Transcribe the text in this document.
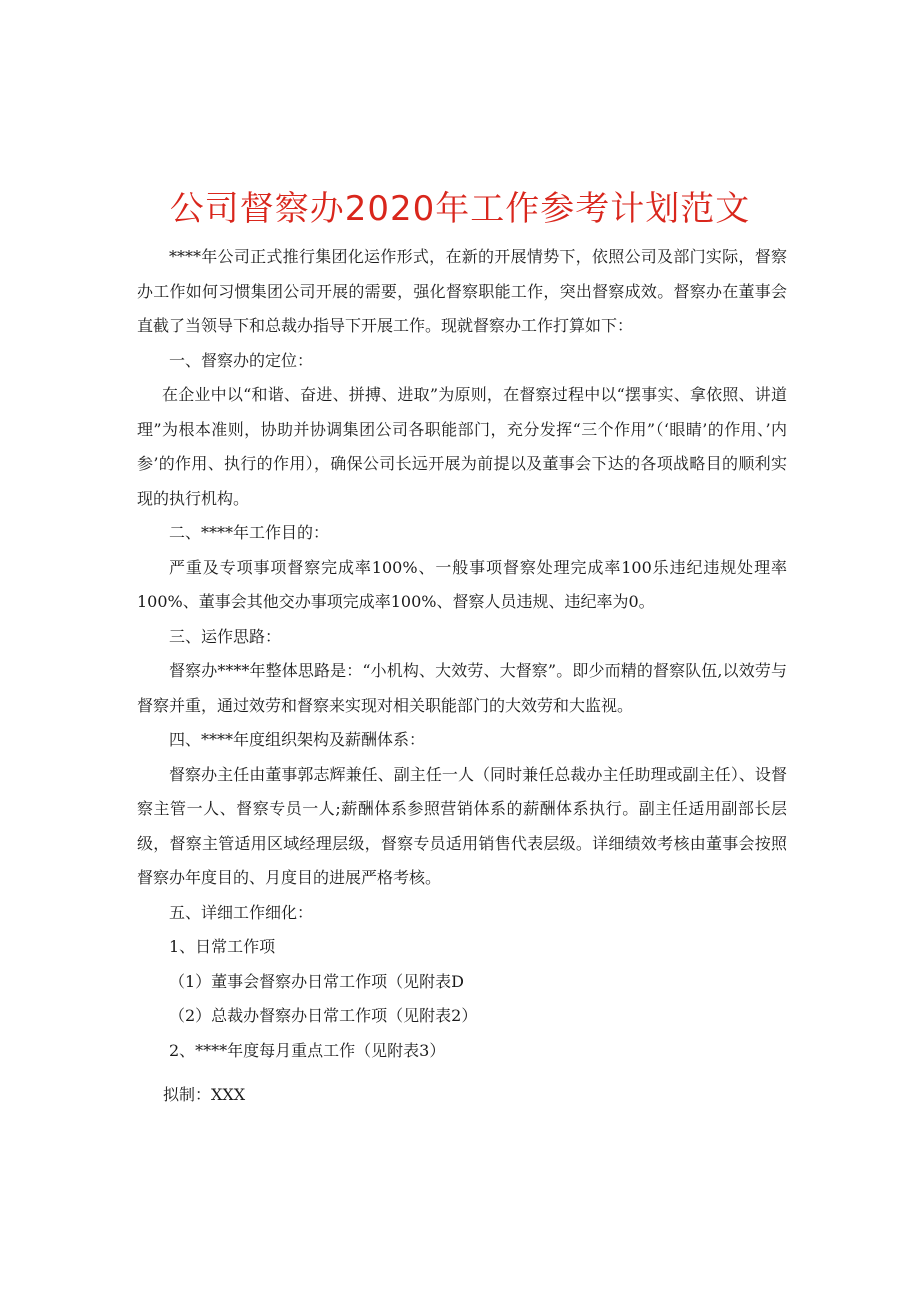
公司督察办2020年工作参考计划范文

****年公司正式推行集团化运作形式，在新的开展情势下，依照公司及部门实际，督察办工作如何习惯集团公司开展的需要，强化督察职能工作，突出督察成效。督察办在董事会直截了当领导下和总裁办指导下开展工作。现就督察办工作打算如下：

一、督察办的定位：

在企业中以“和谐、奋进、拼搏、进取”为原则，在督察过程中以“摆事实、拿依照、讲道理”为根本准则，协助并协调集团公司各职能部门，充分发挥“三个作用”（‘眼睛’的作用、’内参’的作用、执行的作用），确保公司长远开展为前提以及董事会下达的各项战略目的顺利实现的执行机构。

二、****年工作目的：

严重及专项事项督察完成率100%、一般事项督察处理完成率100乐违纪违规处理率100%、董事会其他交办事项完成率100%、督察人员违规、违纪率为0。

三、运作思路：

督察办****年整体思路是：“小机构、大效劳、大督察”。即少而精的督察队伍,以效劳与督察并重，通过效劳和督察来实现对相关职能部门的大效劳和大监视。

四、****年度组织架构及薪酬体系：

督察办主任由董事郭志辉兼任、副主任一人（同时兼任总裁办主任助理或副主任）、设督察主管一人、督察专员一人;薪酬体系参照营销体系的薪酬体系执行。副主任适用副部长层级，督察主管适用区域经理层级，督察专员适用销售代表层级。详细绩效考核由董事会按照督察办年度目的、月度目的进展严格考核。

五、详细工作细化：

1、日常工作项

（1）董事会督察办日常工作项（见附表D

（2）总裁办督察办日常工作项（见附表2）

2、****年度每月重点工作（见附表3）

拟制：XXX
